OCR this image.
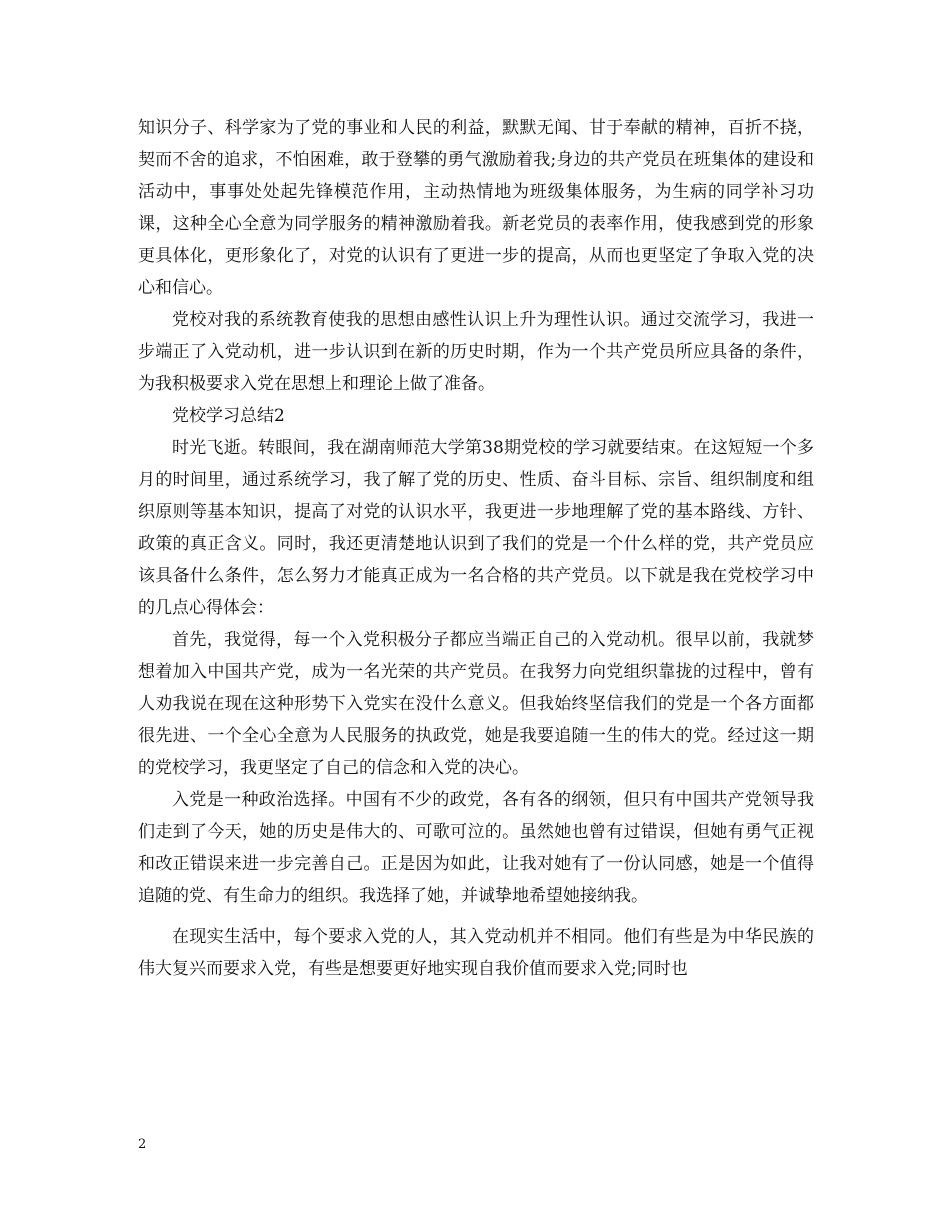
知识分子、科学家为了党的事业和人民的利益，默默无闻、甘于奉献的精神，百折不挠，契而不舍的追求，不怕困难，敢于登攀的勇气激励着我;身边的共产党员在班集体的建设和活动中，事事处处起先锋模范作用，主动热情地为班级集体服务，为生病的同学补习功课，这种全心全意为同学服务的精神激励着我。新老党员的表率作用，使我感到党的形象更具体化，更形象化了，对党的认识有了更进一步的提高，从而也更坚定了争取入党的决心和信心。

党校对我的系统教育使我的思想由感性认识上升为理性认识。通过交流学习，我进一步端正了入党动机，进一步认识到在新的历史时期，作为一个共产党员所应具备的条件，为我积极要求入党在思想上和理论上做了准备。

党校学习总结2

时光飞逝。转眼间，我在湖南师范大学第38期党校的学习就要结束。在这短短一个多月的时间里，通过系统学习，我了解了党的历史、性质、奋斗目标、宗旨、组织制度和组织原则等基本知识，提高了对党的认识水平，我更进一步地理解了党的基本路线、方针、政策的真正含义。同时，我还更清楚地认识到了我们的党是一个什么样的党，共产党员应该具备什么条件，怎么努力才能真正成为一名合格的共产党员。以下就是我在党校学习中的几点心得体会：

首先，我觉得，每一个入党积极分子都应当端正自己的入党动机。很早以前，我就梦想着加入中国共产党，成为一名光荣的共产党员。在我努力向党组织靠拢的过程中，曾有人劝我说在现在这种形势下入党实在没什么意义。但我始终坚信我们的党是一个各方面都很先进、一个全心全意为人民服务的执政党，她是我要追随一生的伟大的党。经过这一期的党校学习，我更坚定了自己的信念和入党的决心。

入党是一种政治选择。中国有不少的政党，各有各的纲领，但只有中国共产党领导我们走到了今天，她的历史是伟大的、可歌可泣的。虽然她也曾有过错误，但她有勇气正视和改正错误来进一步完善自己。正是因为如此，让我对她有了一份认同感，她是一个值得追随的党、有生命力的组织。我选择了她，并诚挚地希望她接纳我。

在现实生活中，每个要求入党的人，其入党动机并不相同。他们有些是为中华民族的伟大复兴而要求入党，有些是想要更好地实现自我价值而要求入党;同时也

2
